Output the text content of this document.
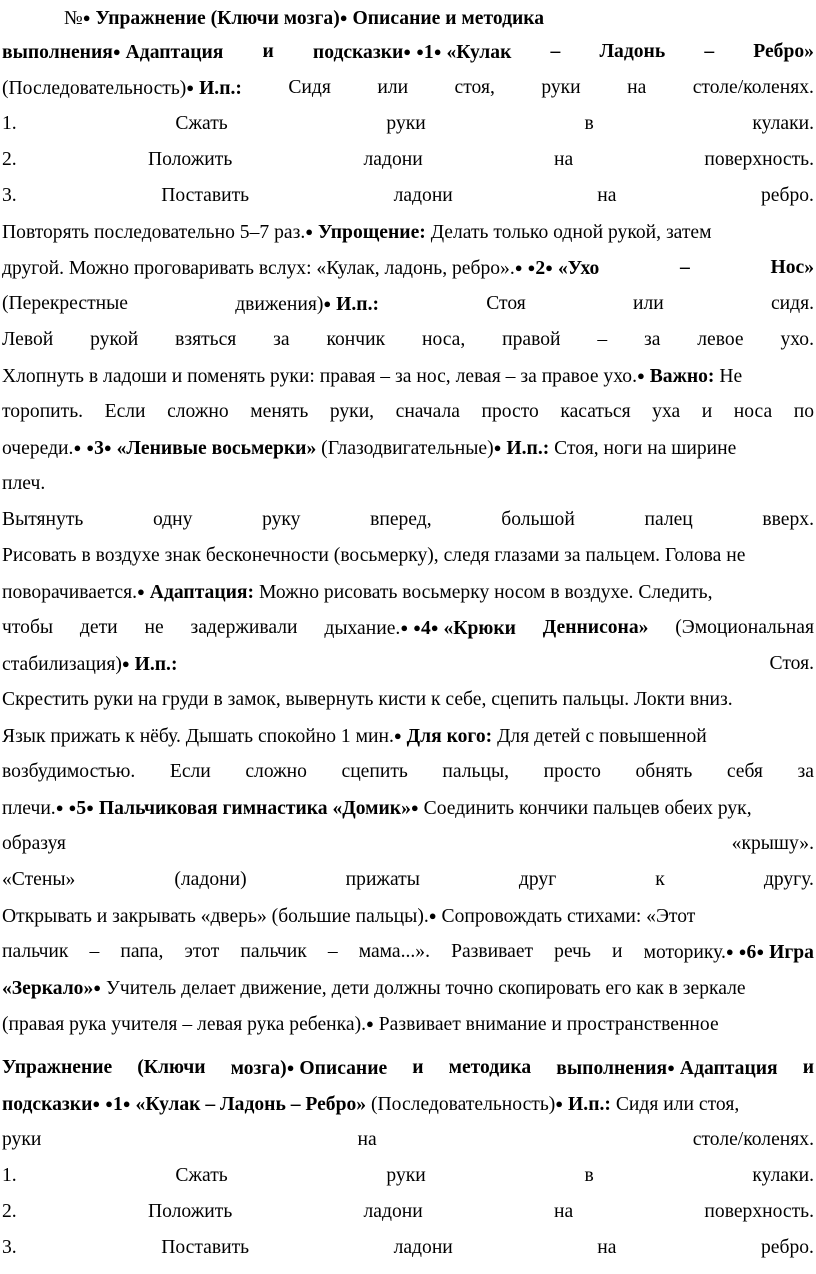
№● Упражнение (Ключи мозга)● Описание и методика
выполнения● Адаптация и подсказки● ●1● «Кулак – Ладонь – Ребро»
(Последовательность)● И.п.: Сидя или стоя, руки на столе/коленях.
1.	Сжать	руки	в	кулаки.
2.	Положить	ладони	на	поверхность.
3.	Поставить	ладони	на	ребро.
Повторять последовательно 5–7 раз.● Упрощение: Делать только одной рукой, затем
другой. Можно проговаривать вслух: «Кулак, ладонь, ребро».● ●2● «Ухо	–	Нос»
(Перекрестные	движения)● И.п.:	Стоя	или	сидя.
Левой рукой взяться за кончик носа, правой – за левое ухо.
Хлопнуть в ладоши и поменять руки: правая – за нос, левая – за правое ухо.● Важно: Не
торопить. Если сложно менять руки, сначала просто касаться уха и носа по
очереди.● ●3● «Ленивые восьмерки» (Глазодвигательные)● И.п.: Стоя, ноги на ширине
плеч.
Вытянуть	одну	руку	вперед,	большой	палец	вверх.
Рисовать в воздухе знак бесконечности (восьмерку), следя глазами за пальцем. Голова не
поворачивается.● Адаптация: Можно рисовать восьмерку носом в воздухе. Следить,
чтобы дети не задерживали дыхание.● ●4● «Крюки Деннисона» (Эмоциональная
стабилизация)● И.п.:	Стоя.
Скрестить руки на груди в замок, вывернуть кисти к себе, сцепить пальцы. Локти вниз.
Язык прижать к нёбу. Дышать спокойно 1 мин.● Для кого: Для детей с повышенной
возбудимостью. Если сложно сцепить пальцы, просто обнять себя за
плечи.● ●5● Пальчиковая гимнастика «Домик»● Соединить кончики пальцев обеих рук,
образуя	«крышу».
«Стены»	(ладони)	прижаты	друг	к	другу.
Открывать и закрывать «дверь» (большие пальцы).● Сопровождать стихами: «Этот
пальчик – папа, этот пальчик – мама...». Развивает речь и моторику.● ●6● Игра
«Зеркало»● Учитель делает движение, дети должны точно скопировать его как в зеркале
(правая рука учителя – левая рука ребенка).● Развивает внимание и пространственное
Упражнение (Ключи мозга)● Описание и методика выполнения● Адаптация и
подсказки● ●1● «Кулак – Ладонь – Ребро» (Последовательность)● И.п.: Сидя или стоя,
руки	на	столе/коленях.
1.	Сжать	руки	в	кулаки.
2.	Положить	ладони	на	поверхность.
3.	Поставить	ладони	на	ребро.
